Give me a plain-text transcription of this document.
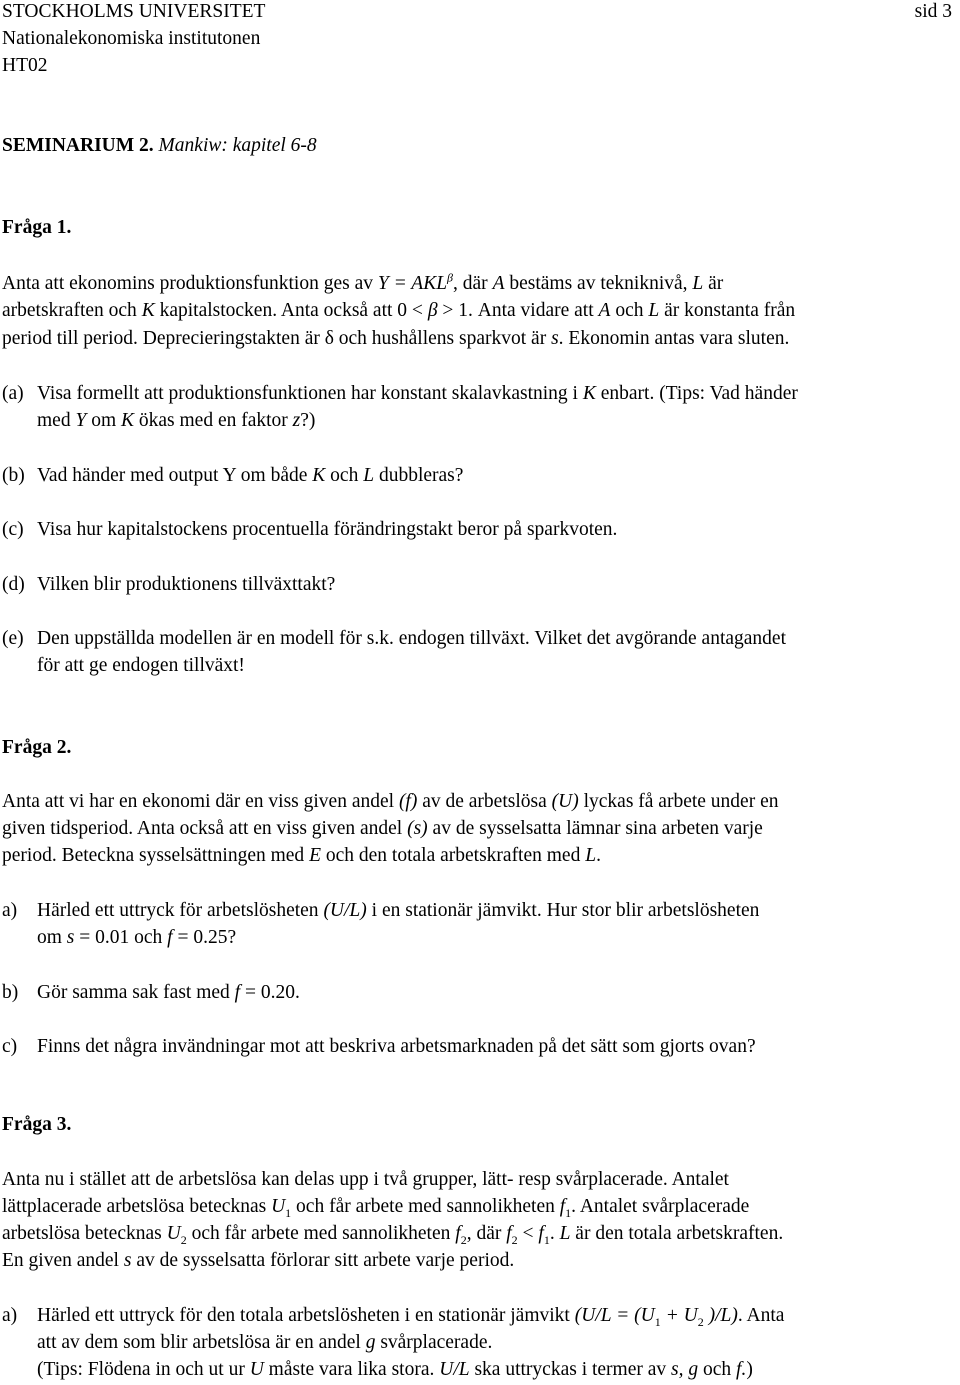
STOCKHOLMS UNIVERSITET	sid 3
Nationalekonomiska institutonen
HT02
SEMINARIUM 2. Mankiw: kapitel 6-8
Fråga 1.
Anta att ekonomins produktionsfunktion ges av $Y = AKL^\beta$, där A bestäms av tekniknivå, L är
arbetskraften och K kapitalstocken. Anta också att 0 < β > 1. Anta vidare att A och L är konstanta från
period till period. Deprecieringstakten är δ och hushållens sparkvot är s. Ekonomin antas vara sluten.
(a) Visa formellt att produktionsfunktionen har konstant skalavkastning i K enbart. (Tips: Vad händer
med Y om K ökas med en faktor z?)
(b) Vad händer med output Y om både K och L dubbleras?
(c) Visa hur kapitalstockens procentuella förändringstakt beror på sparkvoten.
(d) Vilken blir produktionens tillväxttakt?
(e) Den uppställda modellen är en modell för s.k. endogen tillväxt. Vilket det avgörande antagandet
för att ge endogen tillväxt!
Fråga 2.
Anta att vi har en ekonomi där en viss given andel (f) av de arbetslösa (U) lyckas få arbete under en
given tidsperiod. Anta också att en viss given andel (s) av de sysselsatta lämnar sina arbeten varje
period. Beteckna sysselsättningen med E och den totala arbetskraften med L.
a) Härled ett uttryck för arbetslösheten (U/L) i en stationär jämvikt. Hur stor blir arbetslösheten
om s = 0.01 och f = 0.25?
b) Gör samma sak fast med f = 0.20.
c) Finns det några invändningar mot att beskriva arbetsmarknaden på det sätt som gjorts ovan?
Fråga 3.
Anta nu i stället att de arbetslösa kan delas upp i två grupper, lätt- resp svårplacerade. Antalet
lättplacerade arbetslösa betecknas $U_1$ och får arbete med sannolikheten $f_1$. Antalet svårplacerade
arbetslösa betecknas $U_2$ och får arbete med sannolikheten $f_2$, där $f_2 < f_1$. L är den totala arbetskraften.
En given andel s av de sysselsatta förlorar sitt arbete varje period.
a) Härled ett uttryck för den totala arbetslösheten i en stationär jämvikt ($U/L = (U_1 + U_2$ )/L). Anta
att av dem som blir arbetslösa är en andel g svårplacerade.
(Tips: Flödena in och ut ur U måste vara lika stora. U/L ska uttryckas i termer av s, g och f.)
